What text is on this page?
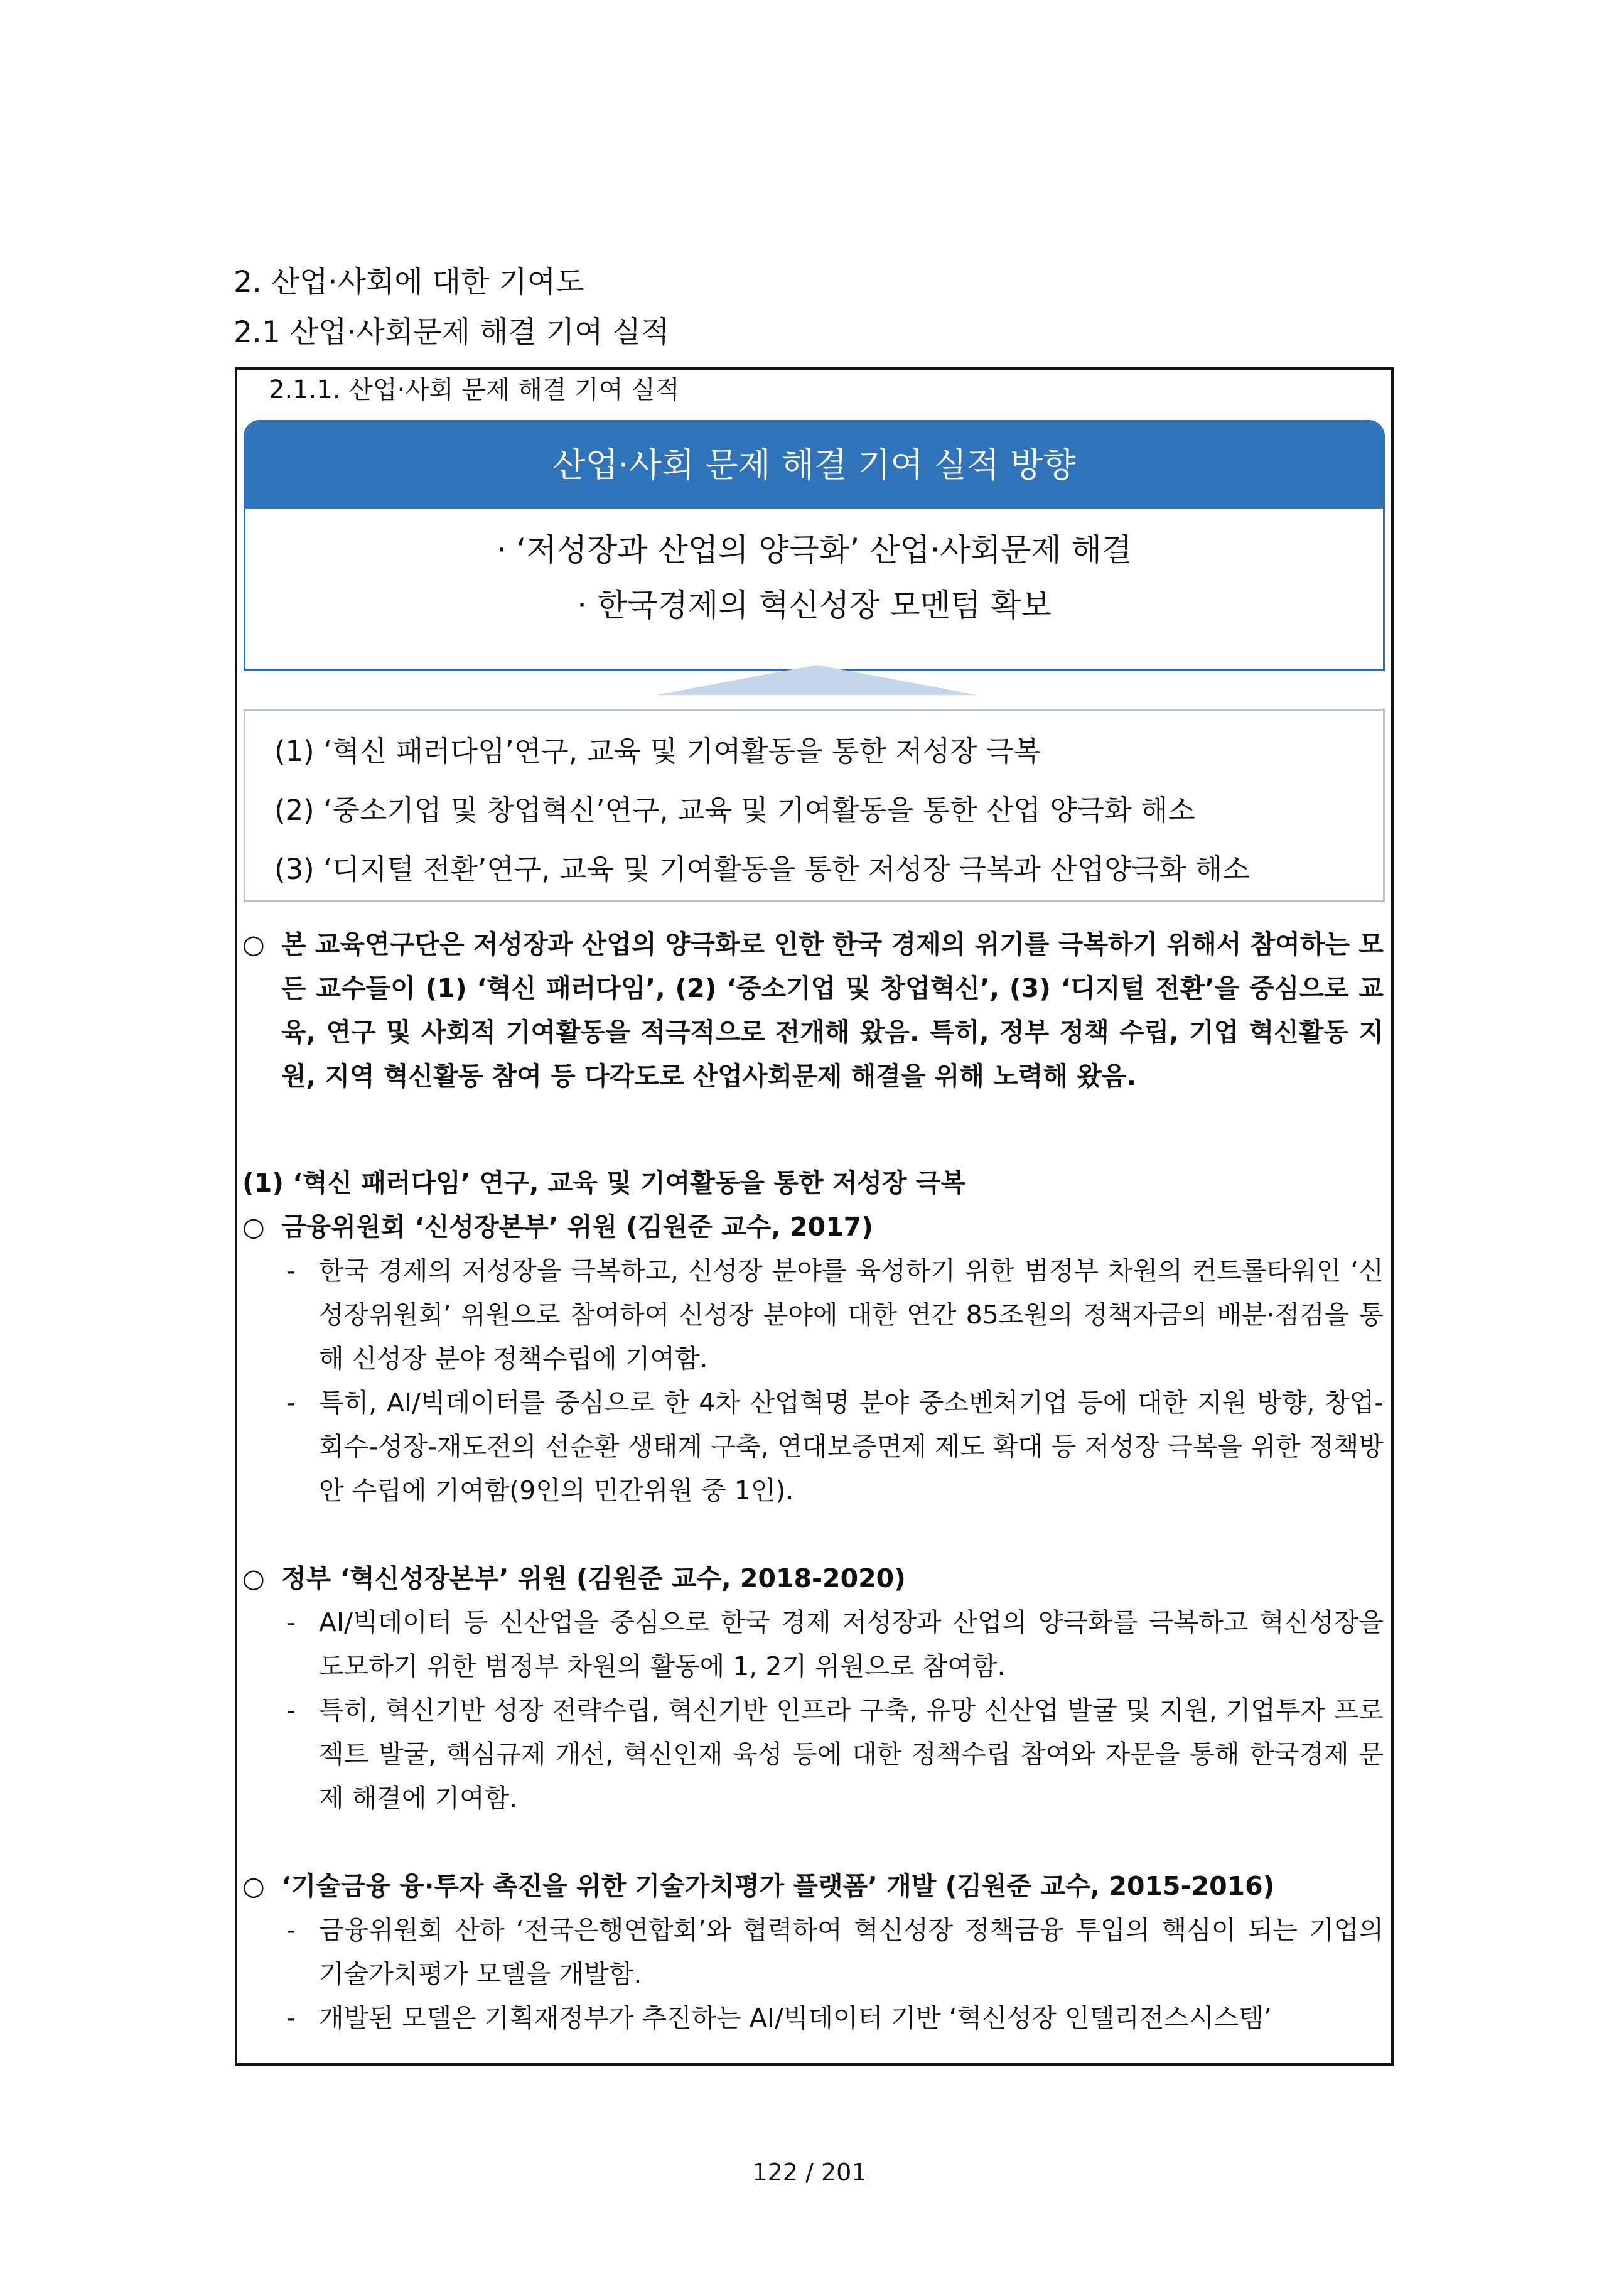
2. 산업·사회에 대한 기여도
2.1 산업·사회문제 해결 기여 실적
2.1.1. 산업·사회 문제 해결 기여 실적
산업·사회 문제 해결 기여 실적 방향
· ‘저성장과 산업의 양극화’ 산업·사회문제 해결
· 한국경제의 혁신성장 모멘텀 확보
(1) ‘혁신 패러다임’연구, 교육 및 기여활동을 통한 저성장 극복
(2) ‘중소기업 및 창업혁신’연구, 교육 및 기여활동을 통한 산업 양극화 해소
(3) ‘디지털 전환’연구, 교육 및 기여활동을 통한 저성장 극복과 산업양극화 해소
○ 본 교육연구단은 저성장과 산업의 양극화로 인한 한국 경제의 위기를 극복하기 위해서 참여하는 모든 교수들이 (1) ‘혁신 패러다임’, (2) ‘중소기업 및 창업혁신’, (3) ‘디지털 전환’을 중심으로 교육, 연구 및 사회적 기여활동을 적극적으로 전개해 왔음. 특히, 정부 정책 수립, 기업 혁신활동 지원, 지역 혁신활동 참여 등 다각도로 산업사회문제 해결을 위해 노력해 왔음.
(1) ‘혁신 패러다임’ 연구, 교육 및 기여활동을 통한 저성장 극복
○ 금융위원회 ‘신성장본부’ 위원 (김원준 교수, 2017)
- 한국 경제의 저성장을 극복하고, 신성장 분야를 육성하기 위한 범정부 차원의 컨트롤타워인 ‘신성장위원회’ 위원으로 참여하여 신성장 분야에 대한 연간 85조원의 정책자금의 배분·점검을 통해 신성장 분야 정책수립에 기여함.
- 특히, AI/빅데이터를 중심으로 한 4차 산업혁명 분야 중소벤처기업 등에 대한 지원 방향, 창업-회수-성장-재도전의 선순환 생태계 구축, 연대보증면제 제도 확대 등 저성장 극복을 위한 정책방안 수립에 기여함(9인의 민간위원 중 1인).
○ 정부 ‘혁신성장본부’ 위원 (김원준 교수, 2018-2020)
- AI/빅데이터 등 신산업을 중심으로 한국 경제 저성장과 산업의 양극화를 극복하고 혁신성장을 도모하기 위한 범정부 차원의 활동에 1, 2기 위원으로 참여함.
- 특히, 혁신기반 성장 전략수립, 혁신기반 인프라 구축, 유망 신산업 발굴 및 지원, 기업투자 프로젝트 발굴, 핵심규제 개선, 혁신인재 육성 등에 대한 정책수립 참여와 자문을 통해 한국경제 문제 해결에 기여함.
○ ‘기술금융 융·투자 촉진을 위한 기술가치평가 플랫폼’ 개발 (김원준 교수, 2015-2016)
- 금융위원회 산하 ‘전국은행연합회’와 협력하여 혁신성장 정책금융 투입의 핵심이 되는 기업의 기술가치평가 모델을 개발함.
- 개발된 모델은 기획재정부가 추진하는 AI/빅데이터 기반 ‘혁신성장 인텔리전스시스템’
122 / 201
